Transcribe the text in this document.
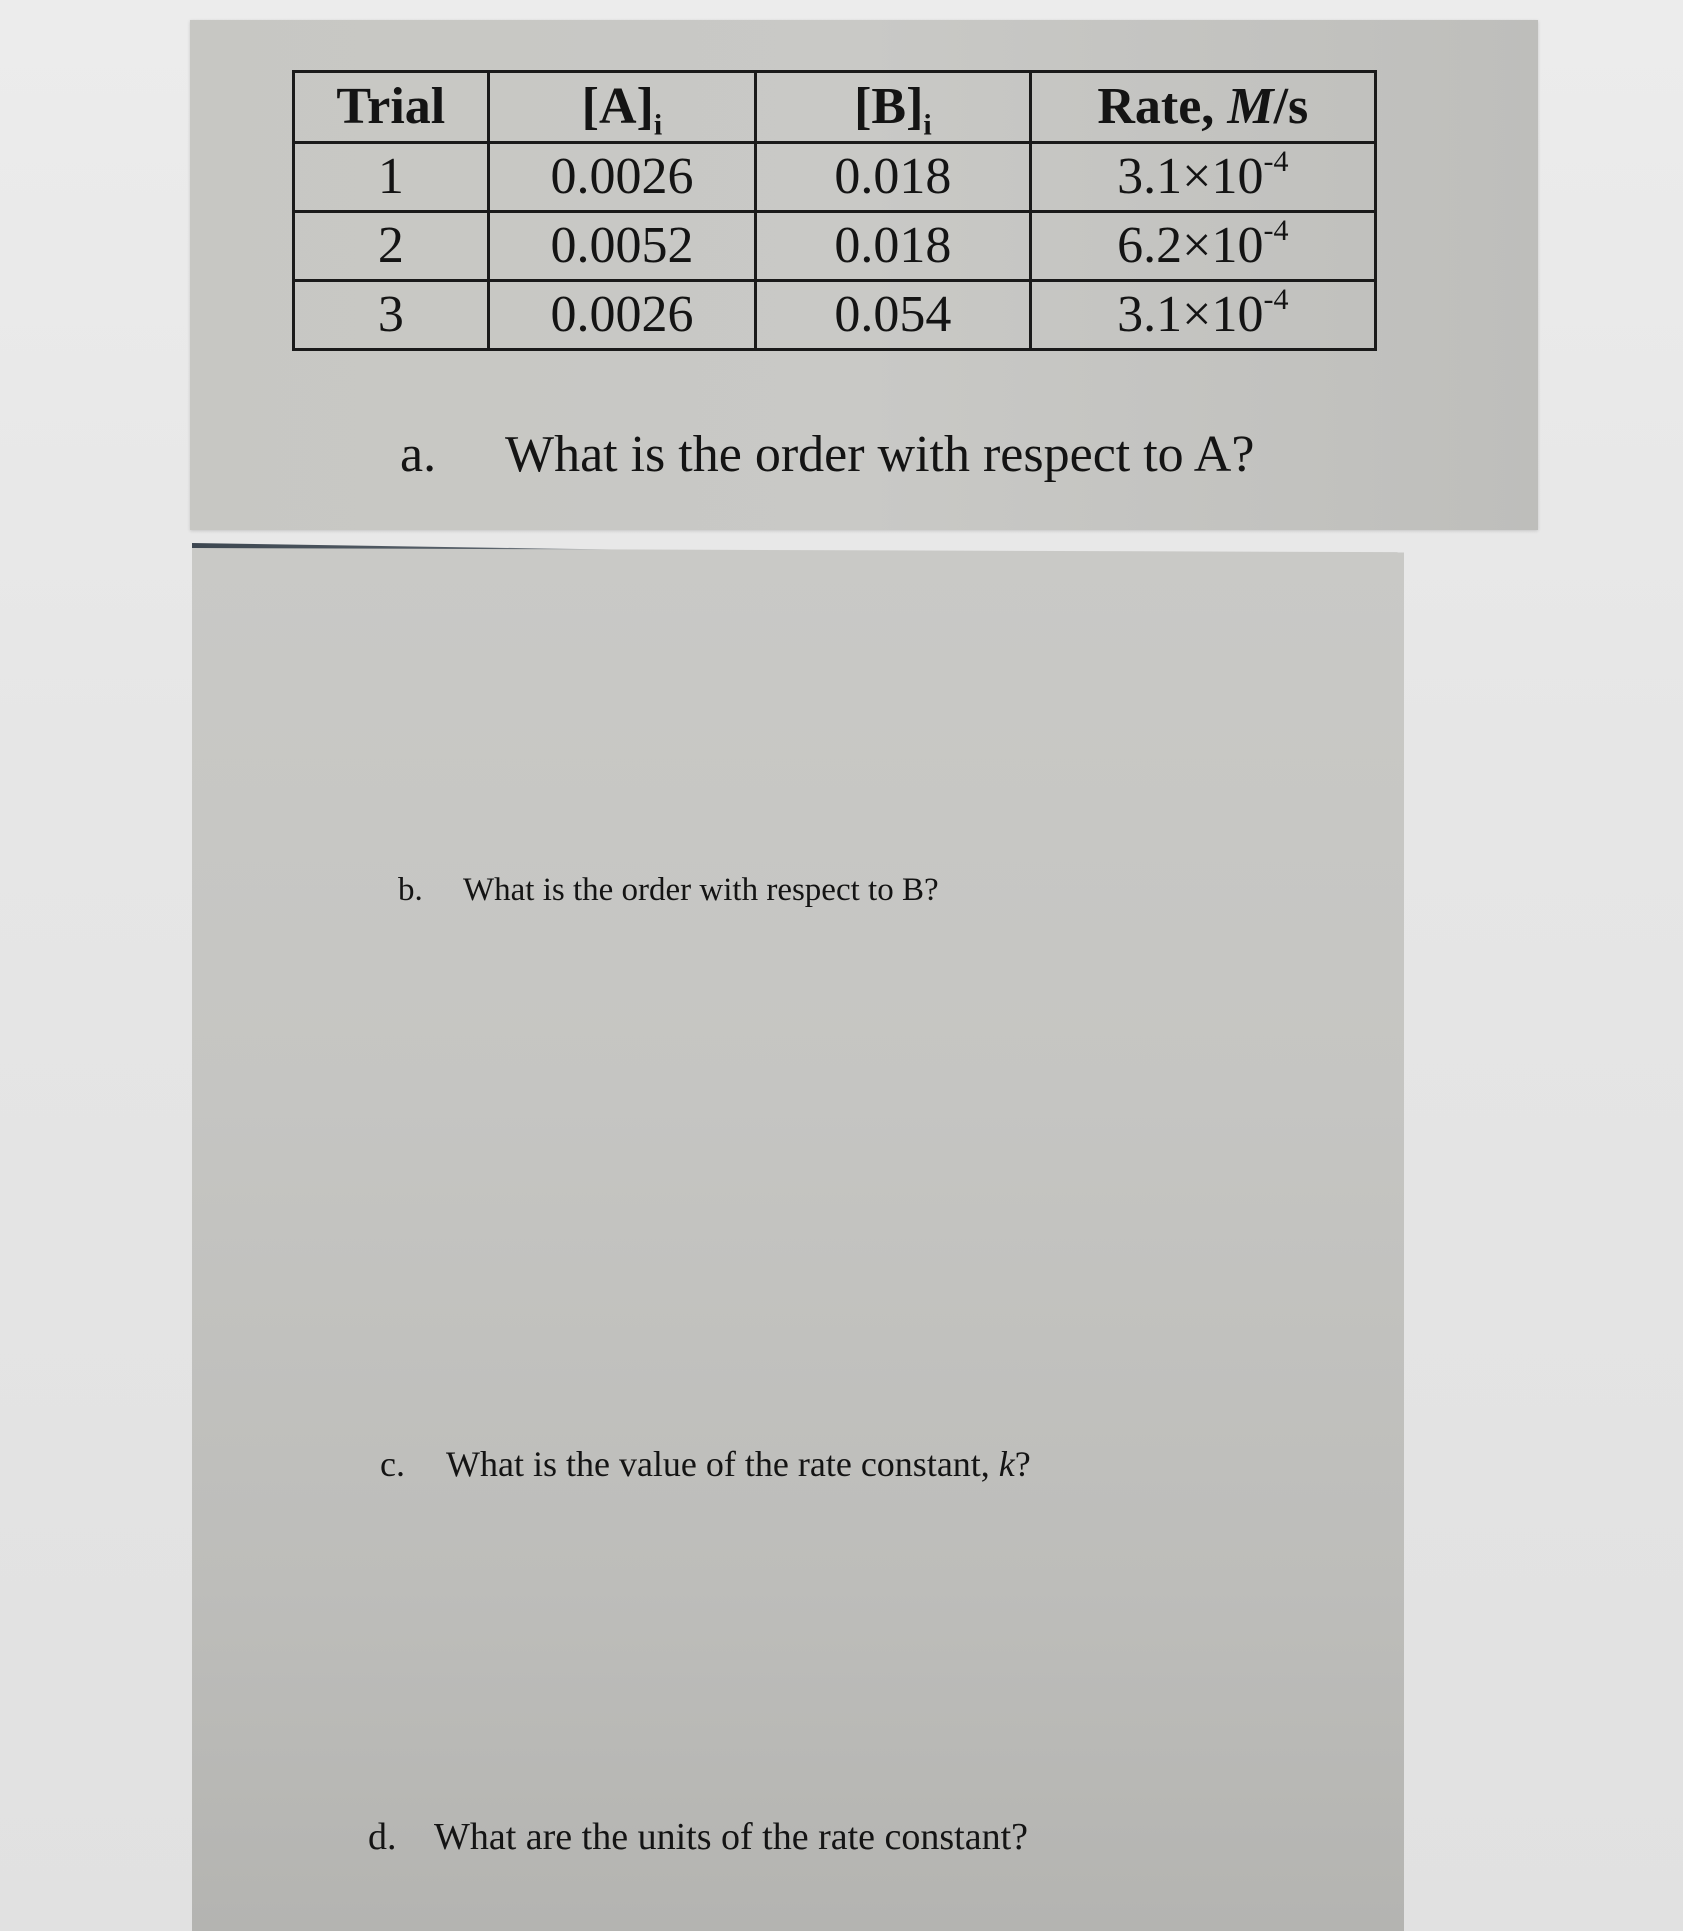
Trial	$[A]_i$	$[B]_i$	Rate, M/s
1	0.0026	0.018	$3.1\times 10^{-4}$
2	0.0052	0.018	$6.2\times 10^{-4}$
3	0.0026	0.054	$3.1\times 10^{-4}$
a. What is the order with respect to A?
b. What is the order with respect to B?
c. What is the value of the rate constant, k?
d. What are the units of the rate constant?
